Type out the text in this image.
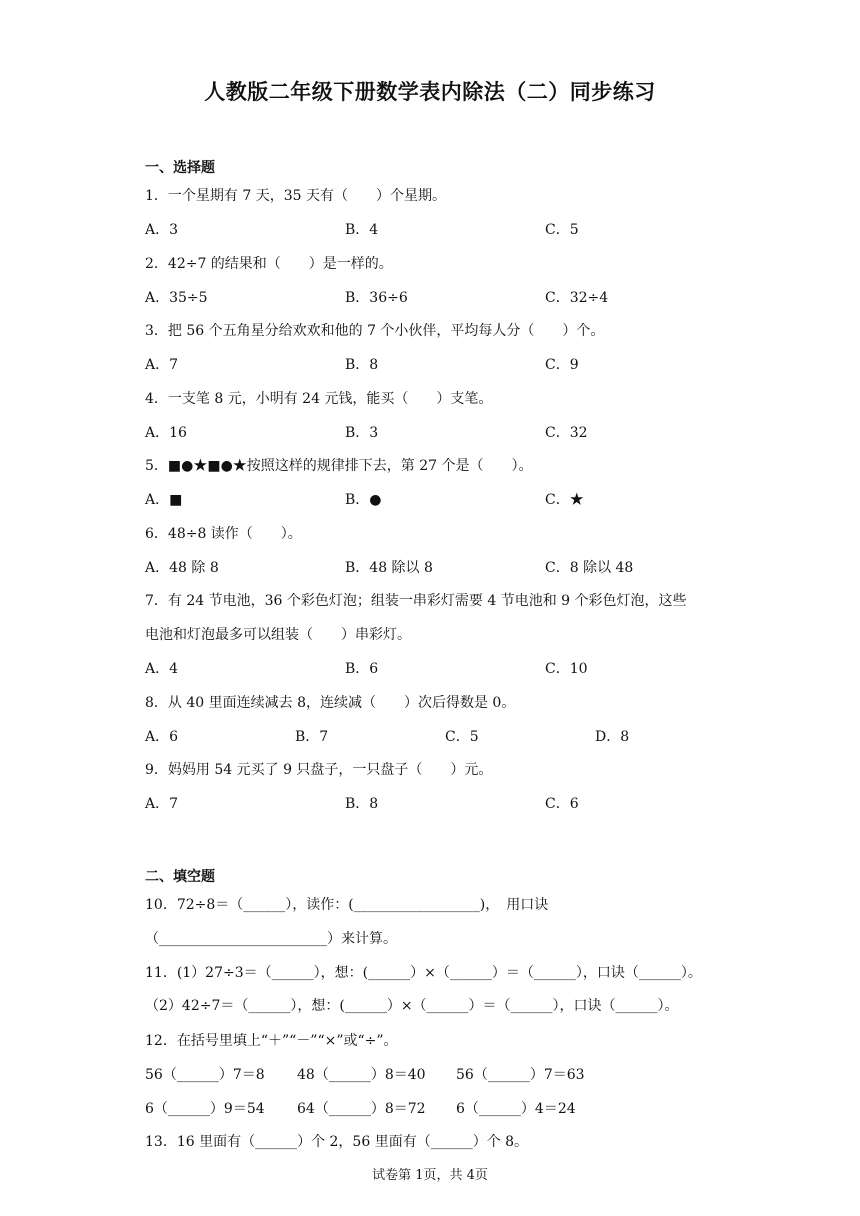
人教版二年级下册数学表内除法（二）同步练习
一、选择题
1．一个星期有 7 天，35 天有（　　）个星期。
A．3	B．4	C．5
2．42÷7 的结果和（　　）是一样的。
A．35÷5	B．36÷6	C．32÷4
3．把 56 个五角星分给欢欢和他的 7 个小伙伴，平均每人分（　　）个。
A．7	B．8	C．9
4．一支笔 8 元，小明有 24 元钱，能买（　　）支笔。
A．16	B．3	C．32
5．■●★■●★按照这样的规律排下去，第 27 个是（　　）。
A．■	B．●	C．★
6．48÷8 读作（　　）。
A．48 除 8	B．48 除以 8	C．8 除以 48
7．有 24 节电池，36 个彩色灯泡；组装一串彩灯需要 4 节电池和 9 个彩色灯泡，这些
电池和灯泡最多可以组装（　　）串彩灯。
A．4	B．6	C．10
8．从 40 里面连续减去 8，连续减（　　）次后得数是 0。
A．6	B．7	C．5	D．8
9．妈妈用 54 元买了 9 只盘子，一只盘子（　　）元。
A．7	B．8	C．6
二、填空题
10．72÷8＝（______），读作：(__________________)，　用口诀
（________________________）来计算。
11．(1）27÷3＝（______），想：(______）×（______）＝（______），口诀（______）。
（2）42÷7＝（______），想：(______）×（______）＝（______），口诀（______）。
12．在括号里填上“＋”“－”“×”或“÷”。
56（______）7＝8 48（______）8＝40 56（______）7＝63
6（______）9＝54 64（______）8＝72 6（______）4＝24
13．16 里面有（______）个 2，56 里面有（______）个 8。
试卷第 1页，共 4页
